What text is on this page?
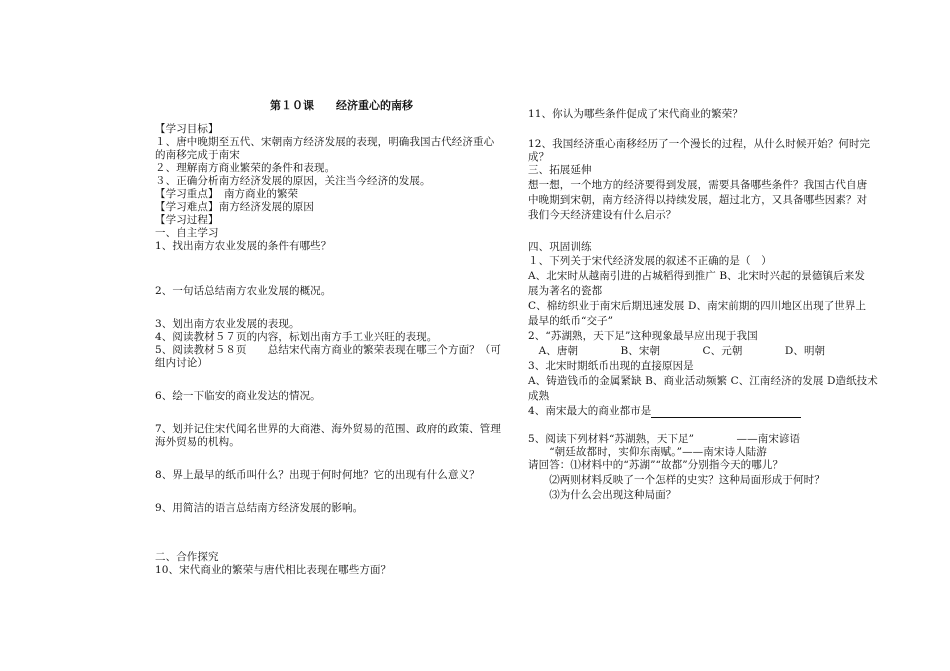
第１０课　　经济重心的南移
【学习目标】
１、唐中晚期至五代、宋朝南方经济发展的表现，明确我国古代经济重心
的南移完成于南宋
２、理解南方商业繁荣的条件和表现。
３、正确分析南方经济发展的原因，关注当今经济的发展。
【学习重点】　南方商业的繁荣
【学习难点】南方经济发展的原因
【学习过程】
一、自主学习
1、找出南方农业发展的条件有哪些？
2、一句话总结南方农业发展的概况。
3、划出南方农业发展的表现。
4、阅读教材５７页的内容，标划出南方手工业兴旺的表现。
5、阅读教材５８页　　总结宋代南方商业的繁荣表现在哪三个方面？（可
组内讨论）
6、绘一下临安的商业发达的情况。
7、划并记住宋代闻名世界的大商港、海外贸易的范围、政府的政策、管理
海外贸易的机构。
8、界上最早的纸币叫什么？出现于何时何地？它的出现有什么意义？
9、用简洁的语言总结南方经济发展的影响。
二、合作探究
10、宋代商业的繁荣与唐代相比表现在哪些方面？
11、你认为哪些条件促成了宋代商业的繁荣？
12、我国经济重心南移经历了一个漫长的过程，从什么时候开始？何时完
成？
三、拓展延伸
想一想，一个地方的经济要得到发展，需要具备哪些条件？我国古代自唐
中晚期到宋朝，南方经济得以持续发展，超过北方，又具备哪些因素？对
我们今天经济建设有什么启示？
四、巩固训练
１、下列关于宋代经济发展的叙述不正确的是（　）
A、北宋时从越南引进的占城稻得到推广 B、北宋时兴起的景德镇后来发
展为著名的瓷都
C、棉纺织业于南宋后期迅速发展 D、南宋前期的四川地区出现了世界上
最早的纸币“交子”
2、“苏湖熟，天下足”这种现象最早应出现于我国
　A、唐朝　　　　B、宋朝　　　　C、元朝　　　　D、明朝
3、北宋时期纸币出现的直接原因是
A、铸造钱币的金属紧缺 B、商业活动频繁 C、江南经济的发展 D造纸技术
成熟
4、南宋最大的商业都市是
5、阅读下列材料“苏湖熟，天下足”　　　　——南宋谚语
　　“朝廷故都时，实仰东南赋。”——南宋诗人陆游
请回答：⑴材料中的“苏湖”“故都”分别指今天的哪儿？
　　⑵两则材料反映了一个怎样的史实？这种局面形成于何时？
　　⑶为什么会出现这种局面？
